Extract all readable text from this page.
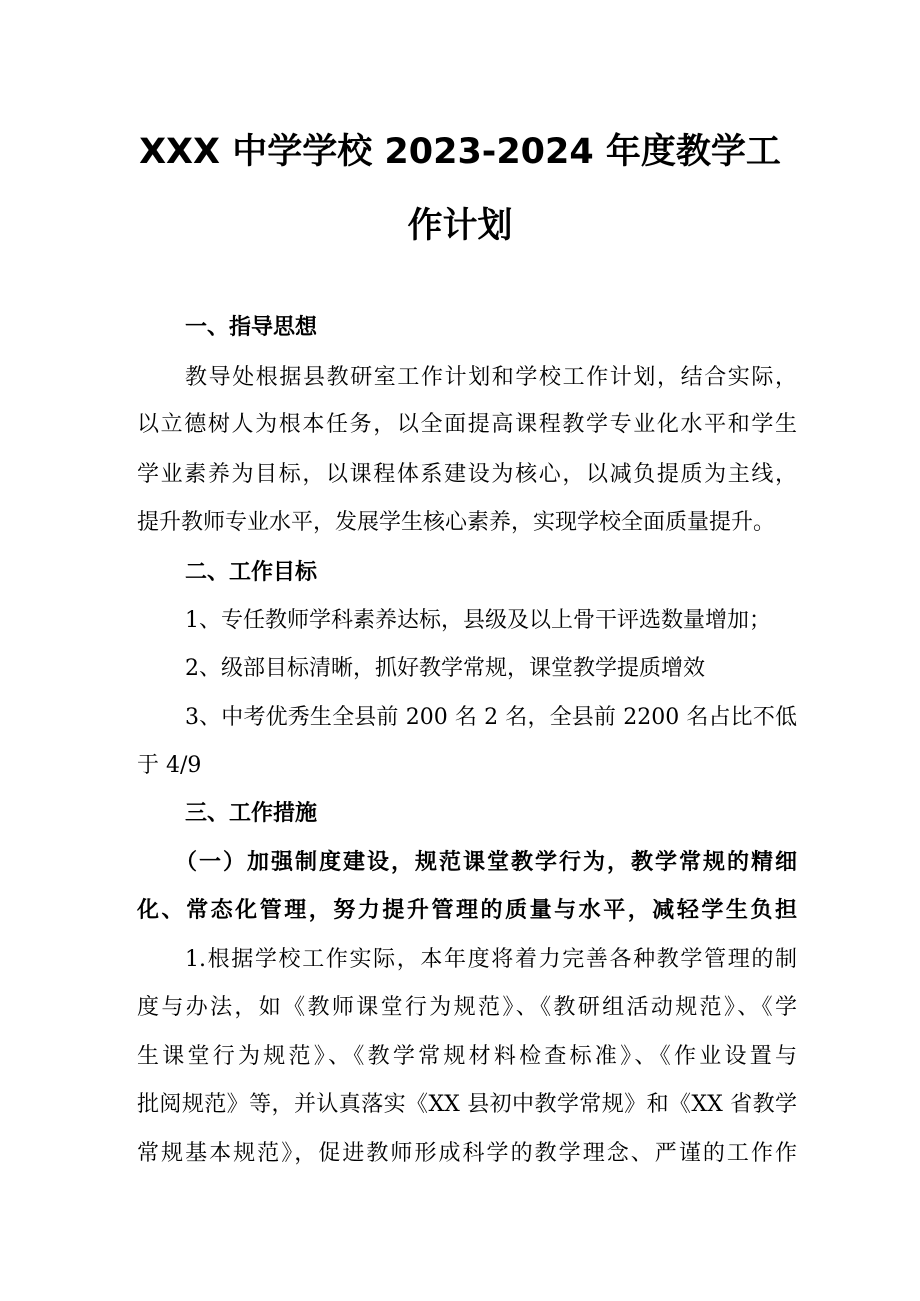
XXX 中学学校 2023-2024 年度教学工
作计划
一、指导思想
教导处根据县教研室工作计划和学校工作计划，结合实际，
以立德树人为根本任务，以全面提高课程教学专业化水平和学生
学业素养为目标，以课程体系建设为核心，以减负提质为主线，
提升教师专业水平，发展学生核心素养，实现学校全面质量提升。
二、工作目标
1、专任教师学科素养达标，县级及以上骨干评选数量增加；
2、级部目标清晰，抓好教学常规，课堂教学提质增效
3、中考优秀生全县前 200 名 2 名，全县前 2200 名占比不低
于 4/9
三、工作措施
（一）加强制度建设，规范课堂教学行为，教学常规的精细
化、常态化管理，努力提升管理的质量与水平，减轻学生负担
1.根据学校工作实际，本年度将着力完善各种教学管理的制
度与办法，如《教师课堂行为规范》、《教研组活动规范》、《学
生课堂行为规范》、《教学常规材料检查标准》、《作业设置与
批阅规范》等，并认真落实《XX 县初中教学常规》和《XX 省教学
常规基本规范》，促进教师形成科学的教学理念、严谨的工作作
